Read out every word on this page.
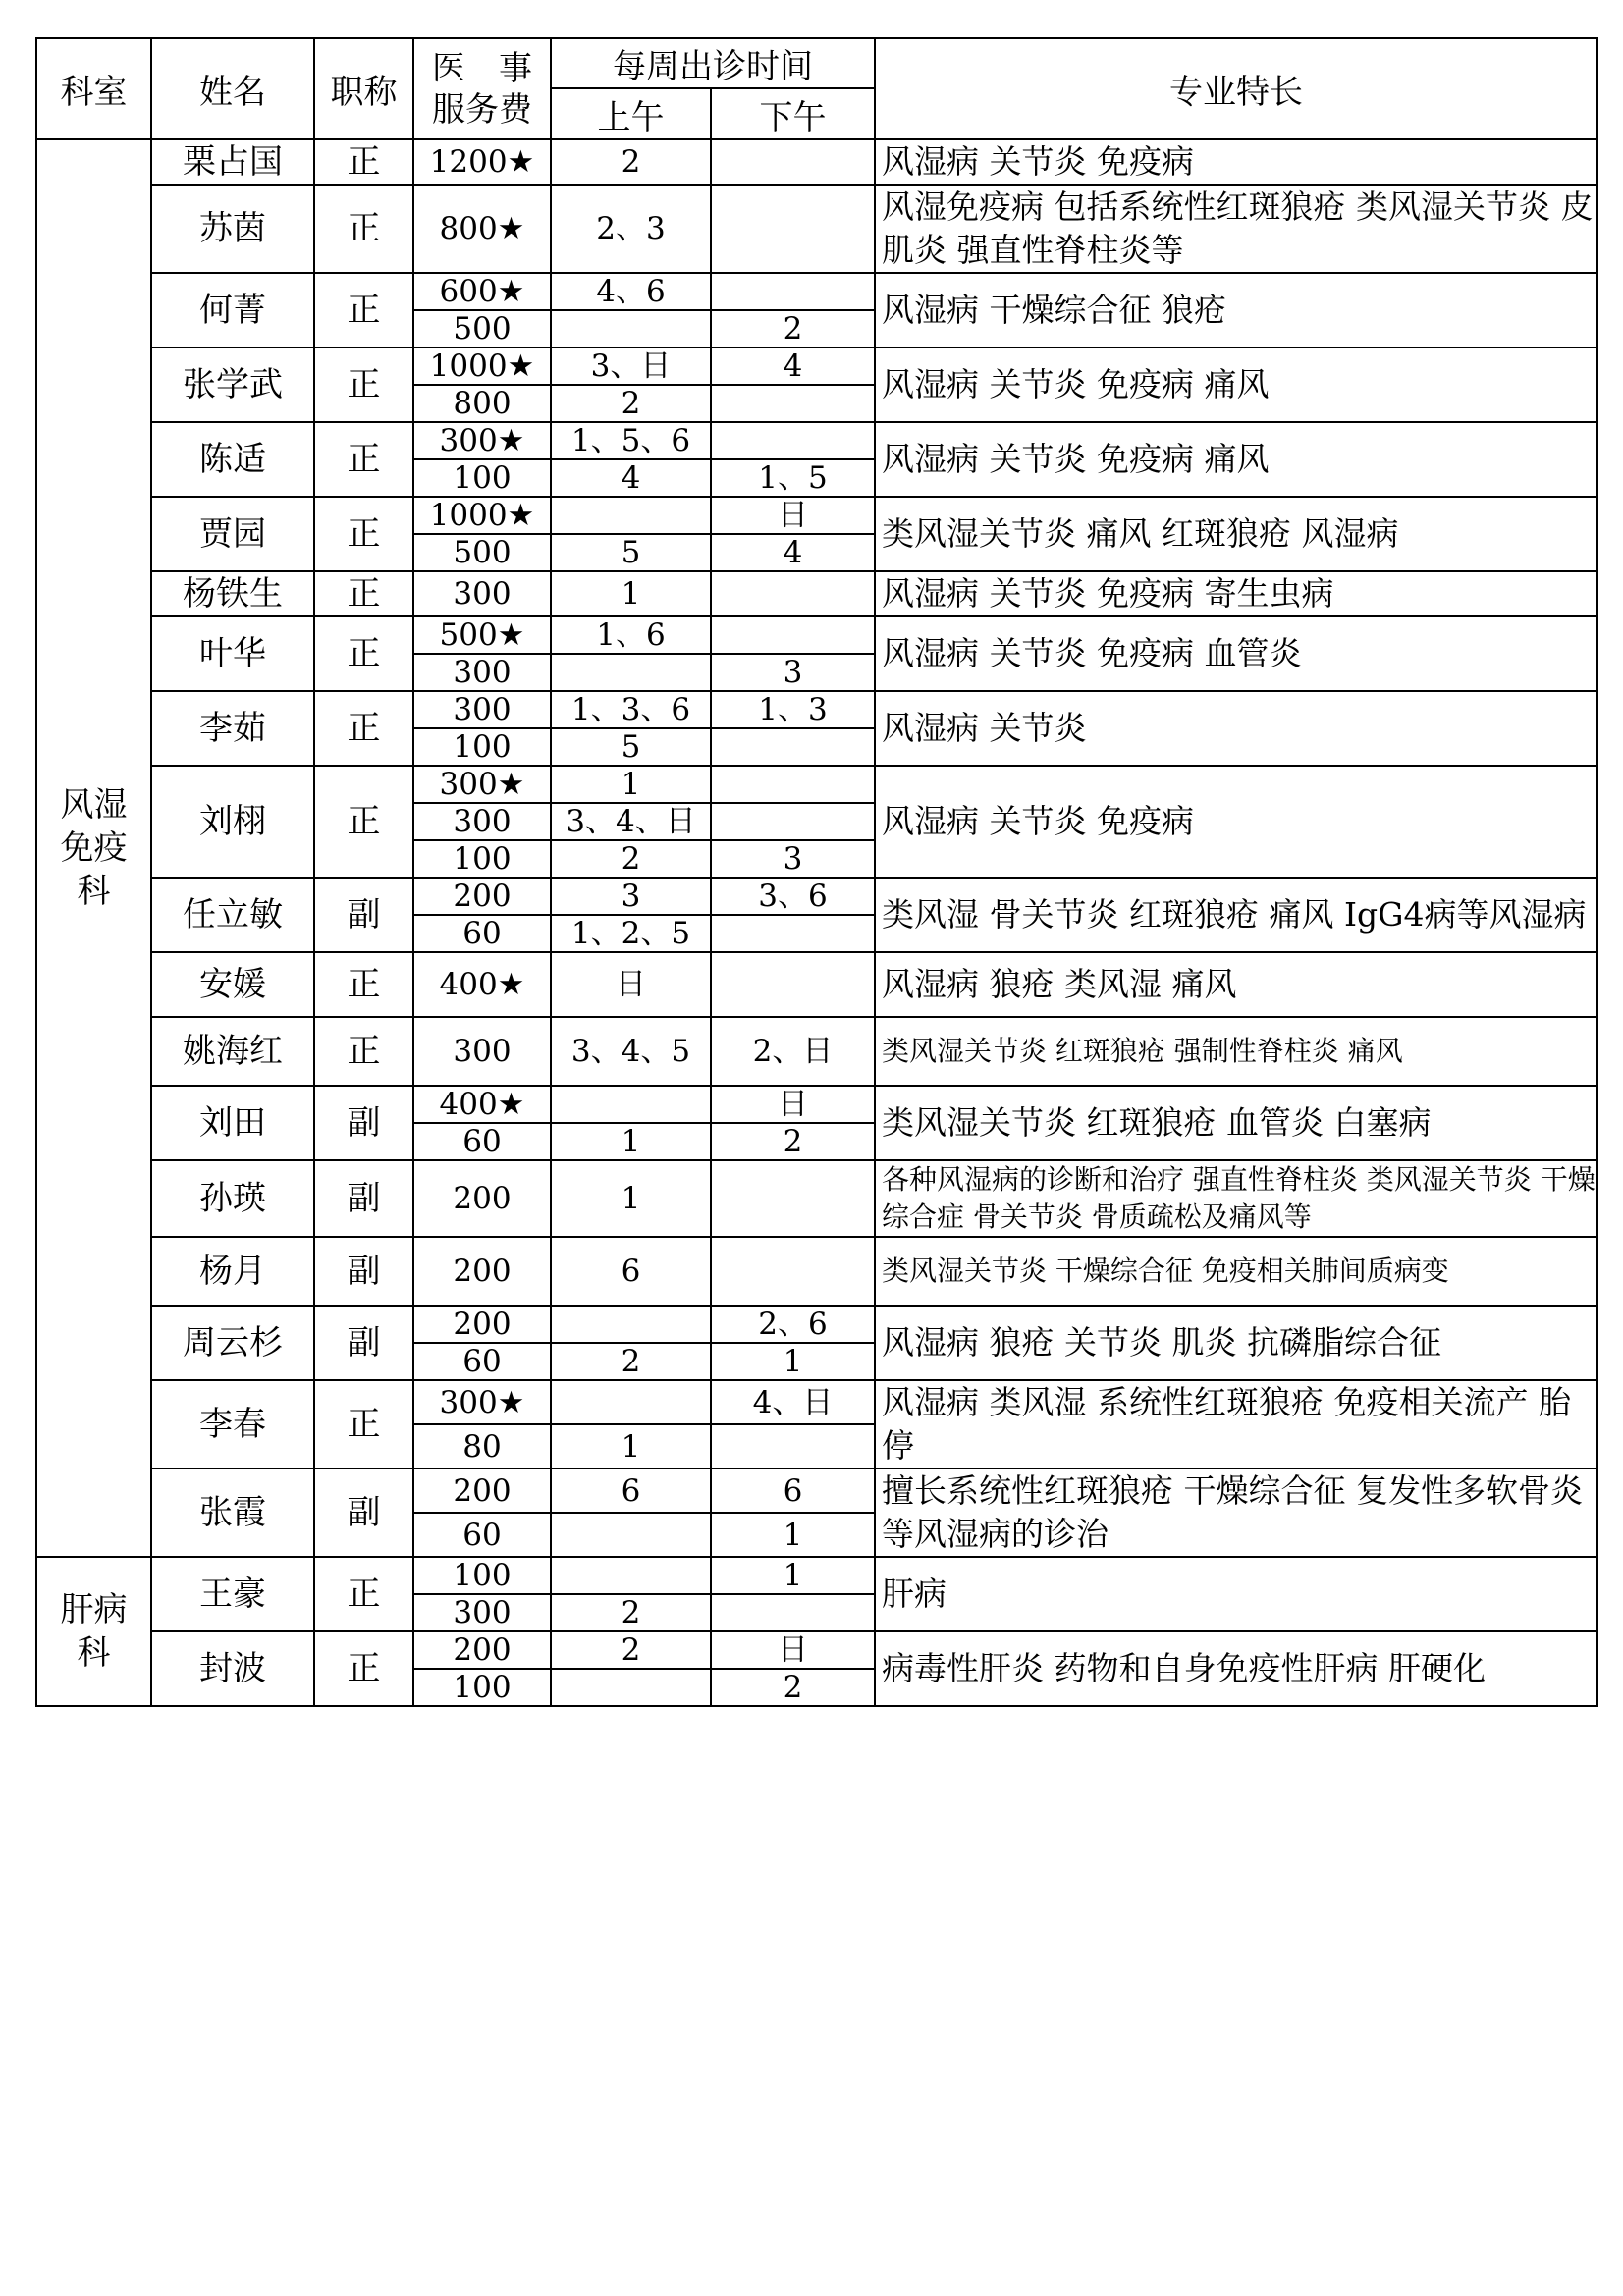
科室	姓名	职称	医　事
服务费	每周出诊时间		专业特长
				上午	下午	

风湿
免疫
科	栗占国	正	1200★	2		风湿病 关节炎 免疫病
	苏茵	正	800★	2、3		风湿免疫病 包括系统性红斑狼疮 类风湿关节炎 皮肌炎 强直性脊柱炎等
	何菁	正	600★	4、6		风湿病 干燥综合征 狼疮
			500		2	
	张学武	正	1000★	3、日	4	风湿病 关节炎 免疫病 痛风
			800	2		
	陈适	正	300★	1、5、6		风湿病 关节炎 免疫病 痛风
			100	4	1、5	
	贾园	正	1000★		日	类风湿关节炎 痛风 红斑狼疮 风湿病
			500	5	4	
	杨铁生	正	300	1		风湿病 关节炎 免疫病 寄生虫病
	叶华	正	500★	1、6		风湿病 关节炎 免疫病 血管炎
			300		3	
	李茹	正	300	1、3、6	1、3	风湿病 关节炎
			100	5		
	刘栩	正	300★	1		风湿病 关节炎 免疫病
			300	3、4、日		
			100	2	3	
	任立敏	副	200	3	3、6	类风湿 骨关节炎 红斑狼疮 痛风 IgG4病等风湿病
			60	1、2、5		
	安媛	正	400★	日		风湿病 狼疮 类风湿 痛风
	姚海红	正	300	3、4、5	2、日	类风湿关节炎 红斑狼疮 强制性脊柱炎 痛风
	刘田	副	400★		日	类风湿关节炎 红斑狼疮 血管炎 白塞病
			60	1	2	
	孙瑛	副	200	1		各种风湿病的诊断和治疗 强直性脊柱炎 类风湿关节炎 干燥综合症 骨关节炎 骨质疏松及痛风等
	杨月	副	200	6		类风湿关节炎 干燥综合征 免疫相关肺间质病变
	周云杉	副	200		2、6	风湿病 狼疮 关节炎 肌炎 抗磷脂综合征
			60	2	1	
	李春	正	300★		4、日	风湿病 类风湿 系统性红斑狼疮 免疫相关流产 胎停
			80	1		
	张霞	副	200	6	6	擅长系统性红斑狼疮 干燥综合征 复发性多软骨炎等风湿病的诊治
			60		1	

肝病
科	王豪	正	100		1	肝病
			300	2		
	封波	正	200	2	日	病毒性肝炎 药物和自身免疫性肝病 肝硬化
			100		2	
